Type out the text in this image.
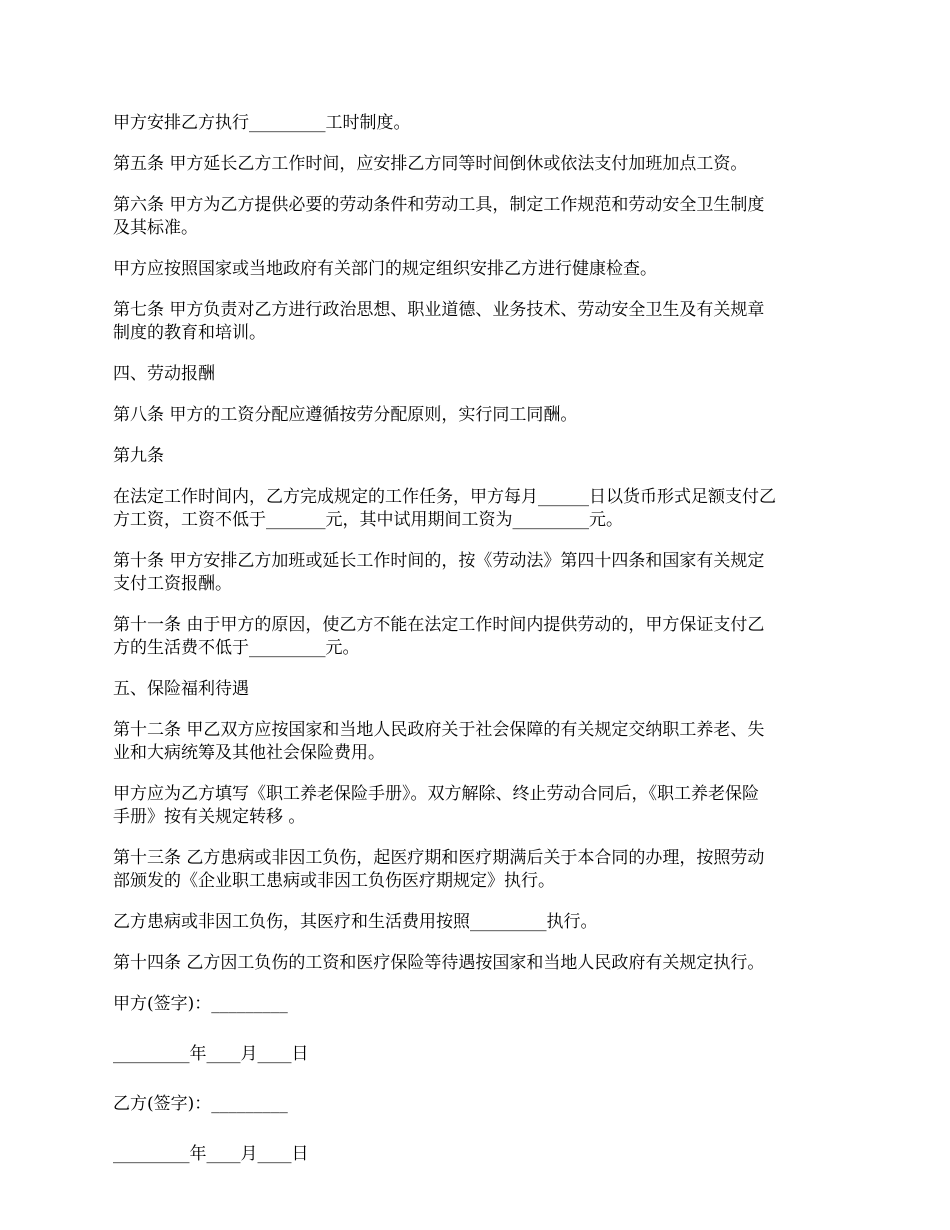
甲方安排乙方执行_________工时制度。

第五条 甲方延长乙方工作时间，应安排乙方同等时间倒休或依法支付加班加点工资。

第六条 甲方为乙方提供必要的劳动条件和劳动工具，制定工作规范和劳动安全卫生制度
及其标准。

甲方应按照国家或当地政府有关部门的规定组织安排乙方进行健康检查。

第七条 甲方负责对乙方进行政治思想、职业道德、业务技术、劳动安全卫生及有关规章
制度的教育和培训。

四、劳动报酬

第八条 甲方的工资分配应遵循按劳分配原则，实行同工同酬。

第九条

在法定工作时间内，乙方完成规定的工作任务，甲方每月______日以货币形式足额支付乙
方工资，工资不低于_______元，其中试用期间工资为_________元。

第十条 甲方安排乙方加班或延长工作时间的，按《劳动法》第四十四条和国家有关规定
支付工资报酬。

第十一条 由于甲方的原因，使乙方不能在法定工作时间内提供劳动的，甲方保证支付乙
方的生活费不低于_________元。

五、保险福利待遇

第十二条 甲乙双方应按国家和当地人民政府关于社会保障的有关规定交纳职工养老、失
业和大病统筹及其他社会保险费用。

甲方应为乙方填写《职工养老保险手册》。双方解除、终止劳动合同后，《职工养老保险
手册》按有关规定转移 。

第十三条 乙方患病或非因工负伤，起医疗期和医疗期满后关于本合同的办理，按照劳动
部颁发的《企业职工患病或非因工负伤医疗期规定》执行。

乙方患病或非因工负伤，其医疗和生活费用按照_________执行。

第十四条 乙方因工负伤的工资和医疗保险等待遇按国家和当地人民政府有关规定执行。

甲方(签字)：_________

_________年____月____日

乙方(签字)：_________

_________年____月____日
